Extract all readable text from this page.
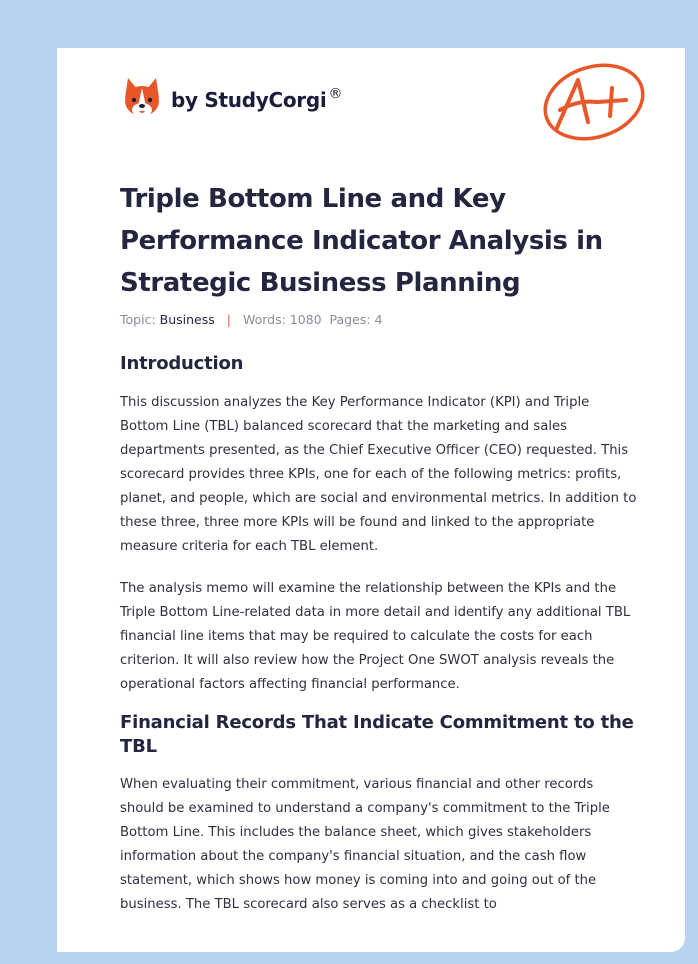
by StudyCorgi ®
Triple Bottom Line and Key Performance Indicator Analysis in Strategic Business Planning
Topic: Business | Words: 1080 Pages: 4
Introduction

This discussion analyzes the Key Performance Indicator (KPI) and Triple Bottom Line (TBL) balanced scorecard that the marketing and sales departments presented, as the Chief Executive Officer (CEO) requested. This scorecard provides three KPIs, one for each of the following metrics: profits, planet, and people, which are social and environmental metrics. In addition to these three, three more KPIs will be found and linked to the appropriate measure criteria for each TBL element.

The analysis memo will examine the relationship between the KPIs and the Triple Bottom Line-related data in more detail and identify any additional TBL financial line items that may be required to calculate the costs for each criterion. It will also review how the Project One SWOT analysis reveals the operational factors affecting financial performance.

Financial Records That Indicate Commitment to the TBL

When evaluating their commitment, various financial and other records should be examined to understand a company's commitment to the Triple Bottom Line. This includes the balance sheet, which gives stakeholders information about the company's financial situation, and the cash flow statement, which shows how money is coming into and going out of the business. The TBL scorecard also serves as a checklist to
